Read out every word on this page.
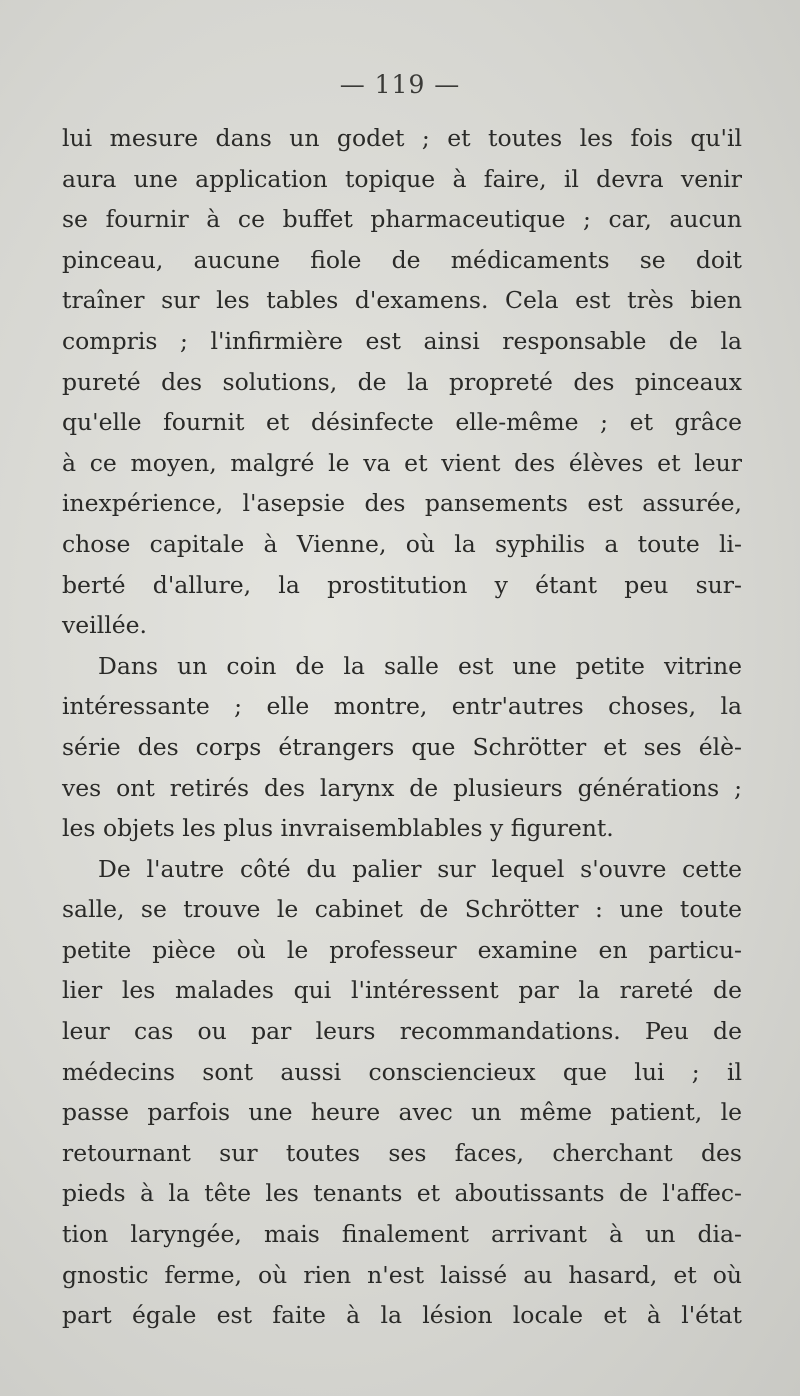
— 119 —
lui mesure dans un godet ; et toutes les fois qu'il
aura une application topique à faire, il devra venir
se fournir à ce buffet pharmaceutique ; car, aucun
pinceau, aucune fiole de médicaments se doit
traîner sur les tables d'examens. Cela est très bien
compris ; l'infirmière est ainsi responsable de la
pureté des solutions, de la propreté des pinceaux
qu'elle fournit et désinfecte elle-même ; et grâce
à ce moyen, malgré le va et vient des élèves et leur
inexpérience, l'asepsie des pansements est assurée,
chose capitale à Vienne, où la syphilis a toute li-
berté d'allure, la prostitution y étant peu sur-
veillée.
Dans un coin de la salle est une petite vitrine
intéressante ; elle montre, entr'autres choses, la
série des corps étrangers que Schrötter et ses élè-
ves ont retirés des larynx de plusieurs générations ;
les objets les plus invraisemblables y figurent.
De l'autre côté du palier sur lequel s'ouvre cette
salle, se trouve le cabinet de Schrötter : une toute
petite pièce où le professeur examine en particu-
lier les malades qui l'intéressent par la rareté de
leur cas ou par leurs recommandations. Peu de
médecins sont aussi consciencieux que lui ; il
passe parfois une heure avec un même patient, le
retournant sur toutes ses faces, cherchant des
pieds à la tête les tenants et aboutissants de l'affec-
tion laryngée, mais finalement arrivant à un dia-
gnostic ferme, où rien n'est laissé au hasard, et où
part égale est faite à la lésion locale et à l'état
